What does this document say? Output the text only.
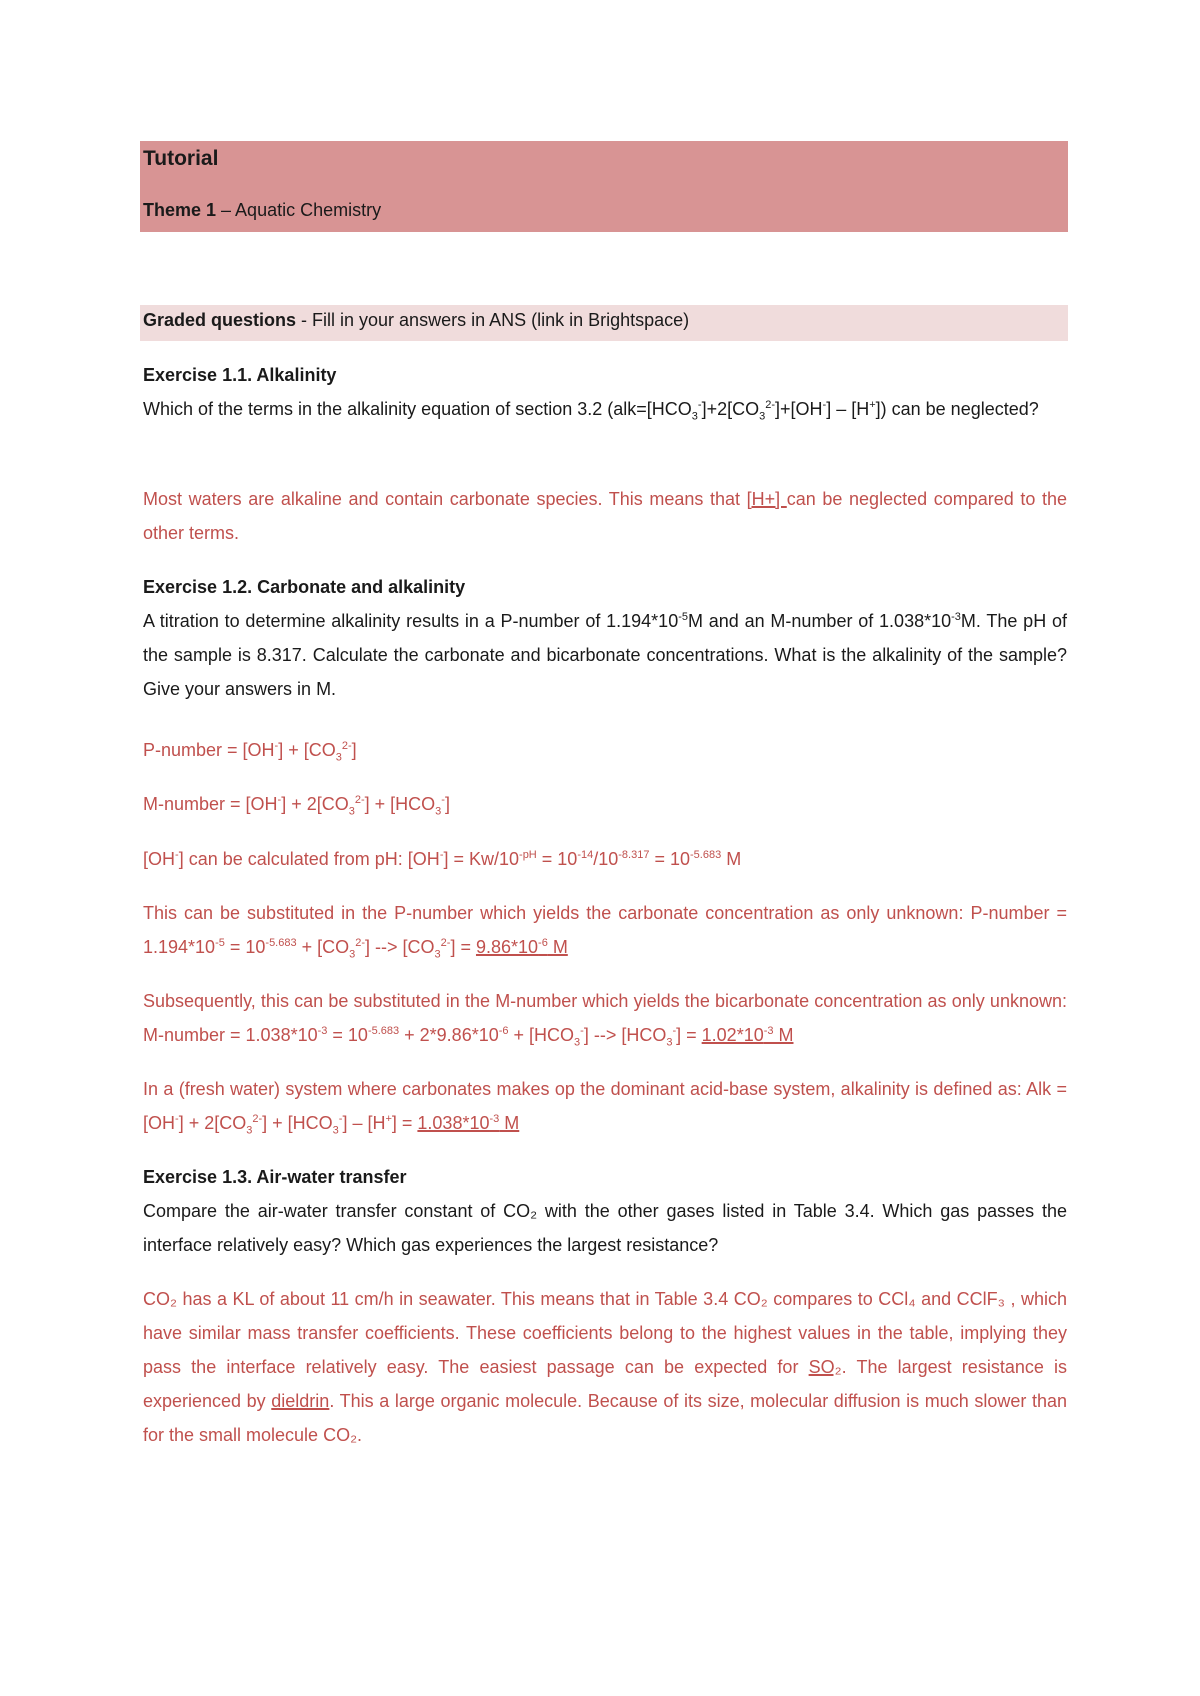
Tutorial
Theme 1 – Aquatic Chemistry
Graded questions - Fill in your answers in ANS (link in Brightspace)
Exercise 1.1. Alkalinity
Which of the terms in the alkalinity equation of section 3.2 $(alk=[HCO_3^-]+2[CO_3^{2-}]+[OH^-] - [H^+])$ can be neglected?
Most waters are alkaline and contain carbonate species. This means that [H+] can be neglected compared to the other terms.
Exercise 1.2. Carbonate and alkalinity
A titration to determine alkalinity results in a P-number of $1.194*10^{-5}M$ and an M-number of $1.038*10^{-3}M$. The pH of the sample is 8.317. Calculate the carbonate and bicarbonate concentrations. What is the alkalinity of the sample? Give your answers in M.
P-number = $[OH^-] + [CO_3^{2-}]$
M-number = $[OH^-] + 2[CO_3^{2-}] + [HCO_3^-]$
[OH-] can be calculated from pH: $[OH^-] = Kw/10^{-pH} = 10^{-14}/10^{-8.317} = 10^{-5.683}$ M
This can be substituted in the P-number which yields the carbonate concentration as only unknown: P-number = $1.194*10^{-5} = 10^{-5.683} + [CO_3^{2-}]$ --> $[CO_3^{2-}] = 9.86*10^{-6}$ M
Subsequently, this can be substituted in the M-number which yields the bicarbonate concentration as only unknown: M-number = $1.038*10^{-3} = 10^{-5.683} + 2*9.86*10^{-6} + [HCO_3^-]$ --> $[HCO_3^-] = 1.02*10^{-3}$ M
In a (fresh water) system where carbonates makes op the dominant acid-base system, alkalinity is defined as: Alk = $[OH^-] + 2[CO_3^{2-}] + [HCO_3^-] - [H^+] = 1.038*10^{-3}$ M
Exercise 1.3. Air-water transfer
Compare the air-water transfer constant of CO₂ with the other gases listed in Table 3.4. Which gas passes the interface relatively easy? Which gas experiences the largest resistance?
CO₂ has a KL of about 11 cm/h in seawater. This means that in Table 3.4 CO₂ compares to CCl₄ and CClF₃ , which have similar mass transfer coefficients. These coefficients belong to the highest values in the table, implying they pass the interface relatively easy. The easiest passage can be expected for SO₂. The largest resistance is experienced by dieldrin. This a large organic molecule. Because of its size, molecular diffusion is much slower than for the small molecule CO₂.
